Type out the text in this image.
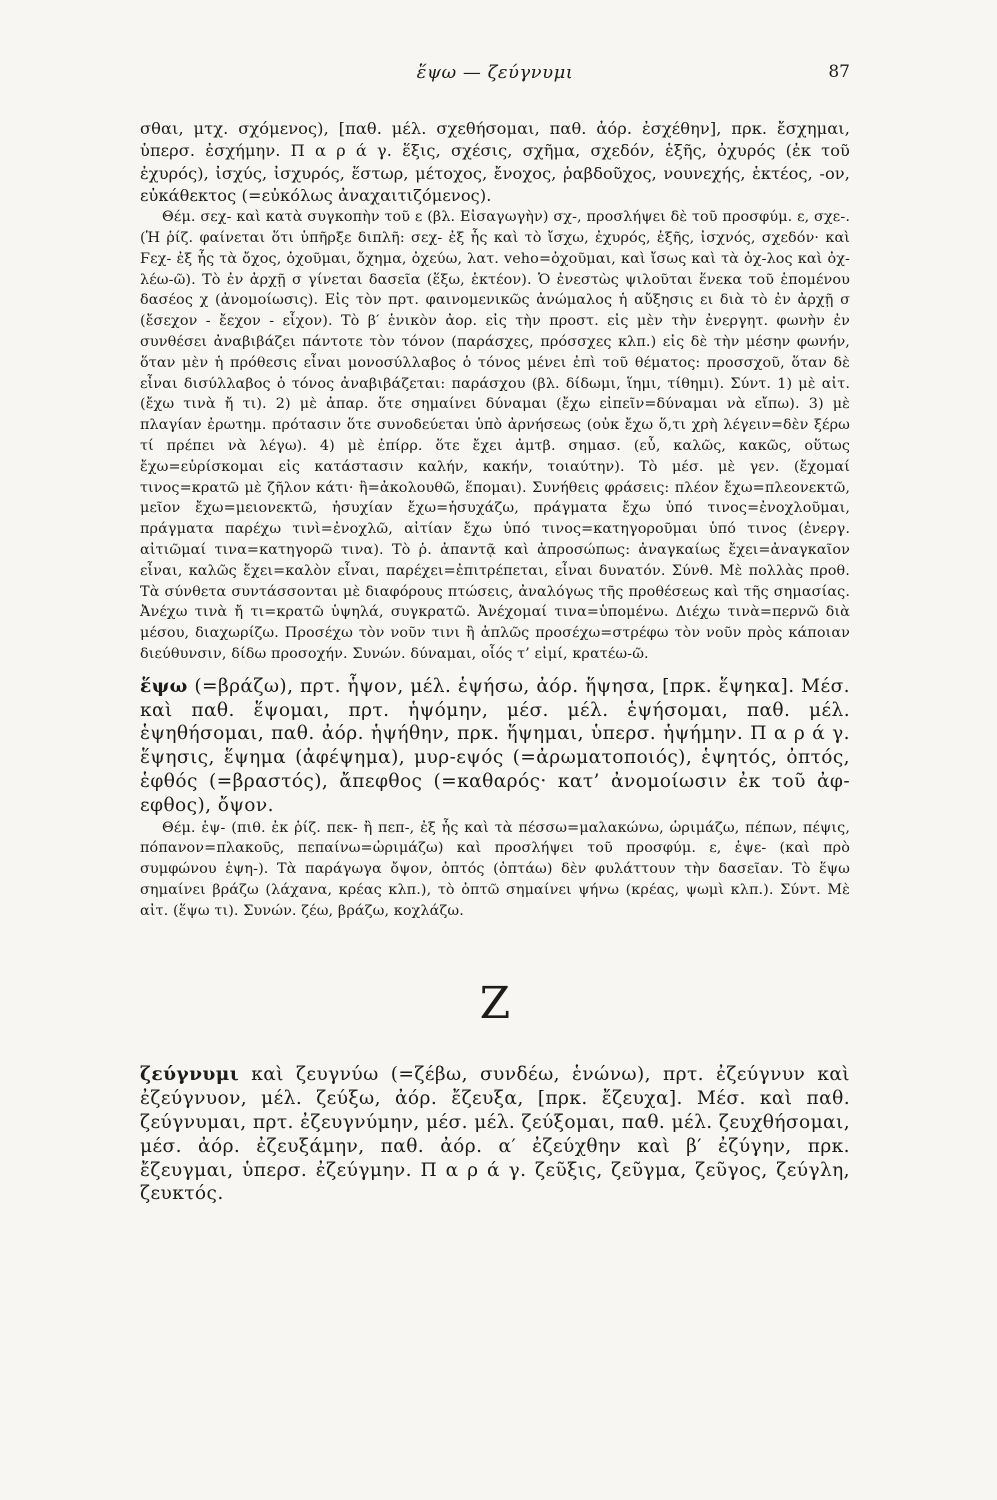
ἕψω — ζεύγνυμι	87

σθαι, μτχ. σχόμενος), [παθ. μέλ. σχεθήσομαι, παθ. ἀόρ. ἐσχέθην], πρκ. ἔσχημαι, ὑπερσ. ἐσχήμην. Π α ρ ά γ. ἕξις, σχέσις, σχῆμα, σχεδόν, ἑξῆς, ὀχυρός (ἐκ τοῦ ἐχυρός), ἰσχύς, ἰσχυρός, ἕστωρ, μέτοχος, ἔνοχος, ῥαβδοῦχος, νουνεχής, ἑκτέος, -ον, εὐκάθεκτος (=εὐκόλως ἀναχαιτιζόμενος).

Θέμ. σεχ- καὶ κατὰ συγκοπὴν τοῦ ε (βλ. Εἰσαγωγὴν) σχ-, προσλήψει δὲ τοῦ προσφύμ. ε, σχε-. (Ἡ ῥίζ. φαίνεται ὅτι ὑπῆρξε διπλῆ: σεχ- ἐξ ἧς καὶ τὸ ἴσχω, ἐχυρός, ἑξῆς, ἰσχνός, σχεδόν· καὶ Ϝεχ- ἐξ ἧς τὰ ὄχος, ὀχοῦμαι, ὄχημα, ὀχεύω, λατ. veho=ὀχοῦμαι, καὶ ἴσως καὶ τὰ ὀχ-λος καὶ ὀχ-λέω-ῶ). Τὸ ἐν ἀρχῇ σ γίνεται δασεῖα (ἕξω, ἑκτέον). Ὁ ἐνεστὼς ψιλοῦται ἕνεκα τοῦ ἑπομένου δασέος χ (ἀνομοίωσις). Εἰς τὸν πρτ. φαινομενικῶς ἀνώμαλος ἡ αὔξησις ει διὰ τὸ ἐν ἀρχῇ σ (ἔσεχον - ἔεχον - εἶχον). Τὸ β′ ἑνικὸν ἀορ. εἰς τὴν προστ. εἰς μὲν τὴν ἐνεργητ. φωνὴν ἐν συνθέσει ἀναβιβάζει πάντοτε τὸν τόνον (παράσχες, πρόσσχες κλπ.) εἰς δὲ τὴν μέσην φωνήν, ὅταν μὲν ἡ πρόθεσις εἶναι μονοσύλλαβος ὁ τόνος μένει ἐπὶ τοῦ θέματος: προσσχοῦ, ὅταν δὲ εἶναι δισύλλαβος ὁ τόνος ἀναβιβάζεται: παράσχου (βλ. δίδωμι, ἵημι, τίθημι). Σύντ. 1) μὲ αἰτ. (ἔχω τινὰ ἤ τι). 2) μὲ ἀπαρ. ὅτε σημαίνει δύναμαι (ἔχω εἰπεῖν=δύναμαι νὰ εἴπω). 3) μὲ πλαγίαν ἐρωτημ. πρότασιν ὅτε συνοδεύεται ὑπὸ ἀρνήσεως (οὐκ ἔχω ὅ,τι χρὴ λέγειν=δὲν ξέρω τί πρέπει νὰ λέγω). 4) μὲ ἐπίρρ. ὅτε ἔχει ἀμτβ. σημασ. (εὖ, καλῶς, κακῶς, οὕτως ἔχω=εὑρίσκομαι εἰς κατάστασιν καλήν, κακήν, τοιαύτην). Τὸ μέσ. μὲ γεν. (ἔχομαί τινος=κρατῶ μὲ ζῆλον κάτι· ἢ=ἀκολουθῶ, ἕπομαι). Συνήθεις φράσεις: πλέον ἔχω=πλεονεκτῶ, μεῖον ἔχω=μειονεκτῶ, ἡσυχίαν ἔχω=ἡσυχάζω, πράγματα ἔχω ὑπό τινος=ἐνοχλοῦμαι, πράγματα παρέχω τινὶ=ἐνοχλῶ, αἰτίαν ἔχω ὑπό τινος=κατηγοροῦμαι ὑπό τινος (ἐνεργ. αἰτιῶμαί τινα=κατηγορῶ τινα). Τὸ ῥ. ἀπαντᾷ καὶ ἀπροσώπως: ἀναγκαίως ἔχει=ἀναγκαῖον εἶναι, καλῶς ἔχει=καλὸν εἶναι, παρέχει=ἐπιτρέπεται, εἶναι δυνατόν. Σύνθ. Μὲ πολλὰς προθ. Τὰ σύνθετα συντάσσονται μὲ διαφόρους πτώσεις, ἀναλόγως τῆς προθέσεως καὶ τῆς σημασίας. Ἀνέχω τινὰ ἤ τι=κρατῶ ὑψηλά, συγκρατῶ. Ἀνέχομαί τινα=ὑπομένω. Διέχω τινὰ=περνῶ διὰ μέσου, διαχωρίζω. Προσέχω τὸν νοῦν τινι ἢ ἁπλῶς προσέχω=στρέφω τὸν νοῦν πρὸς κάποιαν διεύθυνσιν, δίδω προσοχήν. Συνών. δύναμαι, οἷός τ’ εἰμί, κρατέω-ῶ.

ἕψω (=βράζω), πρτ. ἧψον, μέλ. ἑψήσω, ἀόρ. ἥψησα, [πρκ. ἕψηκα]. Μέσ. καὶ παθ. ἕψομαι, πρτ. ἡψόμην, μέσ. μέλ. ἑψήσομαι, παθ. μέλ. ἑψηθήσομαι, παθ. ἀόρ. ἡψήθην, πρκ. ἥψημαι, ὑπερσ. ἡψήμην. Π α ρ ά γ. ἕψησις, ἕψημα (ἀφέψημα), μυρ-εψός (=ἀρωματοποιός), ἑψητός, ὀπτός, ἑφθός (=βραστός), ἄπεφθος (=καθαρός· κατ’ ἀνομοίωσιν ἐκ τοῦ ἀφ-εφθος), ὄψον.

Θέμ. ἑψ- (πιθ. ἐκ ῥίζ. πεκ- ἢ πεπ-, ἐξ ἧς καὶ τὰ πέσσω=μαλακώνω, ὡριμάζω, πέπων, πέψις, πόπανον=πλακοῦς, πεπαίνω=ὡριμάζω) καὶ προσλήψει τοῦ προσφύμ. ε, ἑψε- (καὶ πρὸ συμφώνου ἑψη-). Τὰ παράγωγα ὄψον, ὀπτός (ὀπτάω) δὲν φυλάττουν τὴν δασεῖαν. Τὸ ἕψω σημαίνει βράζω (λάχανα, κρέας κλπ.), τὸ ὀπτῶ σημαίνει ψήνω (κρέας, ψωμὶ κλπ.). Σύντ. Μὲ αἰτ. (ἕψω τι). Συνών. ζέω, βράζω, κοχλάζω.

Ζ

ζεύγνυμι καὶ ζευγνύω (=ζέβω, συνδέω, ἑνώνω), πρτ. ἐζεύγνυν καὶ ἐζεύγνυον, μέλ. ζεύξω, ἀόρ. ἔζευξα, [πρκ. ἔζευχα]. Μέσ. καὶ παθ. ζεύγνυμαι, πρτ. ἐζευγνύμην, μέσ. μέλ. ζεύξομαι, παθ. μέλ. ζευχθήσομαι, μέσ. ἀόρ. ἐζευξάμην, παθ. ἀόρ. α′ ἐζεύχθην καὶ β′ ἐζύγην, πρκ. ἔζευγμαι, ὑπερσ. ἐζεύγμην. Π α ρ ά γ. ζεῦξις, ζεῦγμα, ζεῦγος, ζεύγλη, ζευκτός.
